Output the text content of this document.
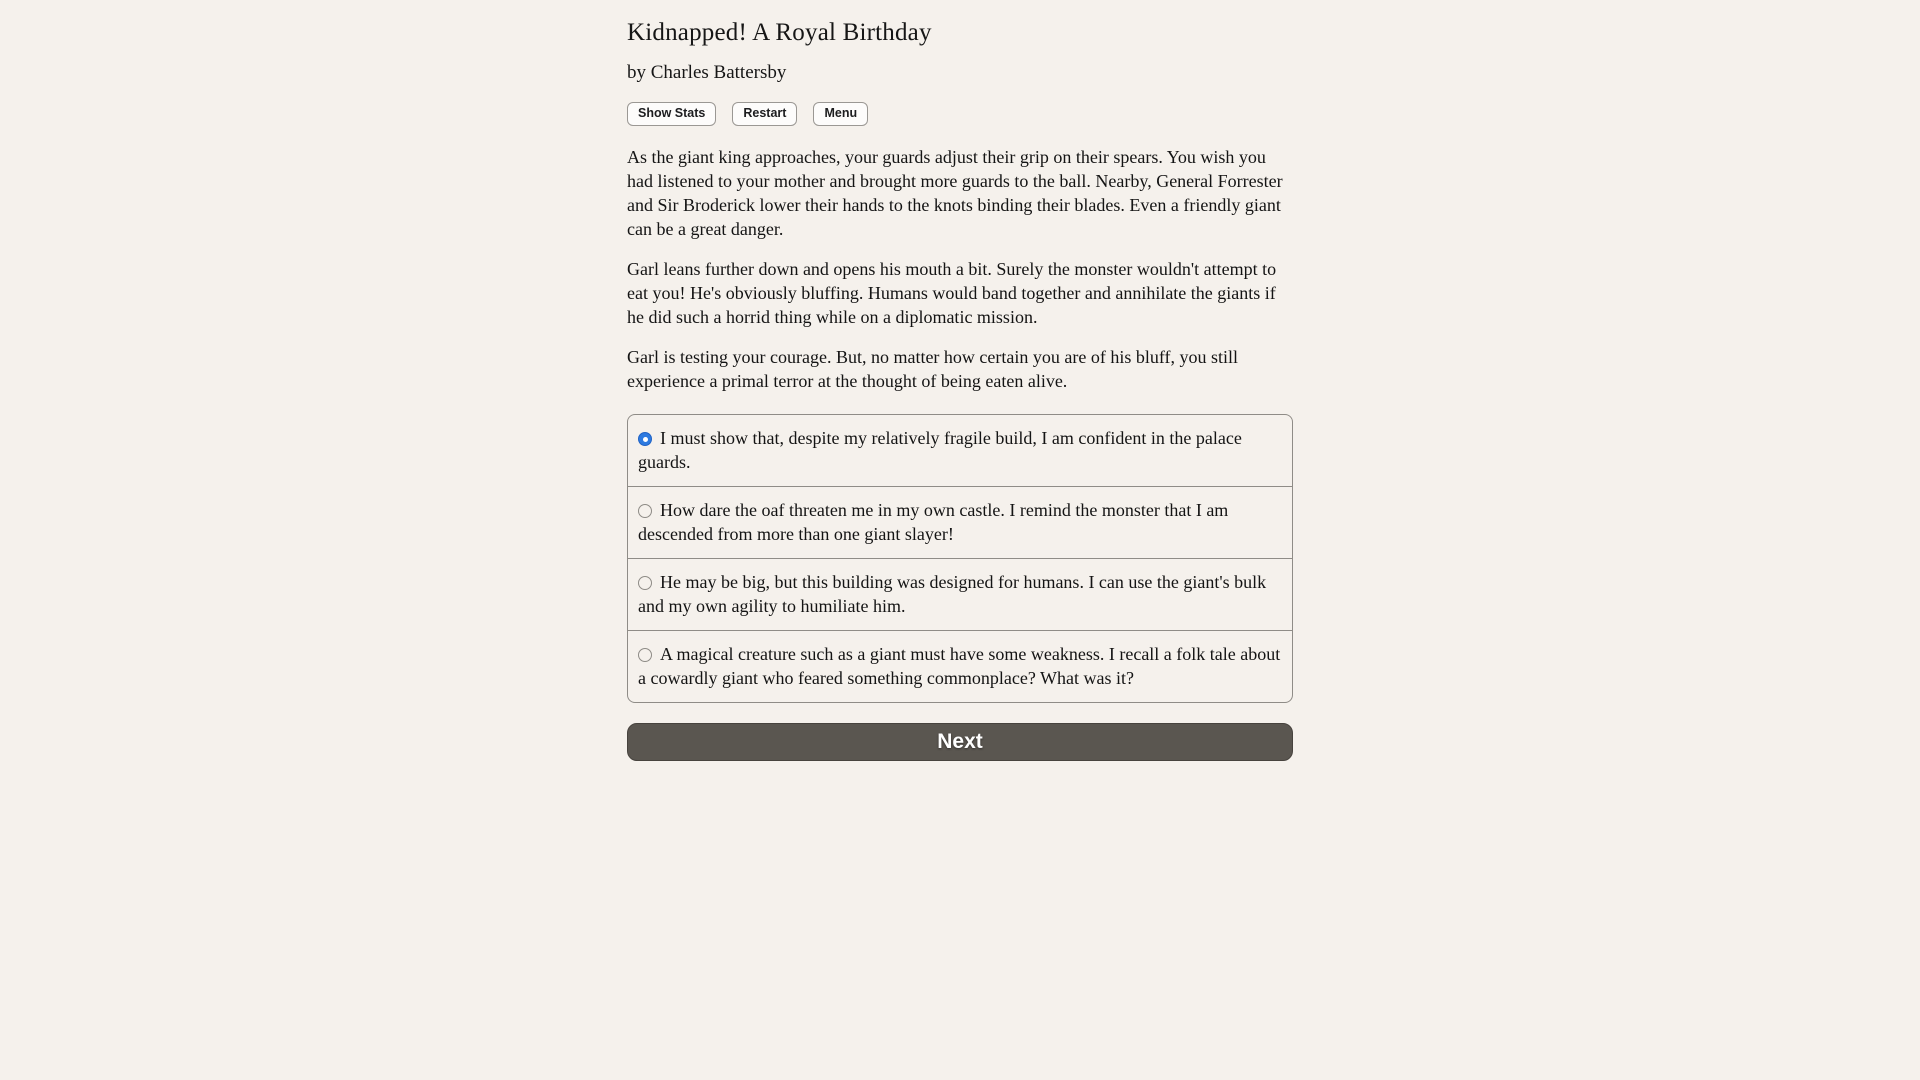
Kidnapped! A Royal Birthday

by Charles Battersby

Show Stats	Restart	Menu

As the giant king approaches, your guards adjust their grip on their spears. You wish you had listened to your mother and brought more guards to the ball. Nearby, General Forrester and Sir Broderick lower their hands to the knots binding their blades. Even a friendly giant can be a great danger.

Garl leans further down and opens his mouth a bit. Surely the monster wouldn't attempt to eat you! He's obviously bluffing. Humans would band together and annihilate the giants if he did such a horrid thing while on a diplomatic mission.

Garl is testing your courage. But, no matter how certain you are of his bluff, you still experience a primal terror at the thought of being eaten alive.

I must show that, despite my relatively fragile build, I am confident in the palace guards.
How dare the oaf threaten me in my own castle. I remind the monster that I am descended from more than one giant slayer!
He may be big, but this building was designed for humans. I can use the giant's bulk and my own agility to humiliate him.
A magical creature such as a giant must have some weakness. I recall a folk tale about a cowardly giant who feared something commonplace? What was it?
Next
